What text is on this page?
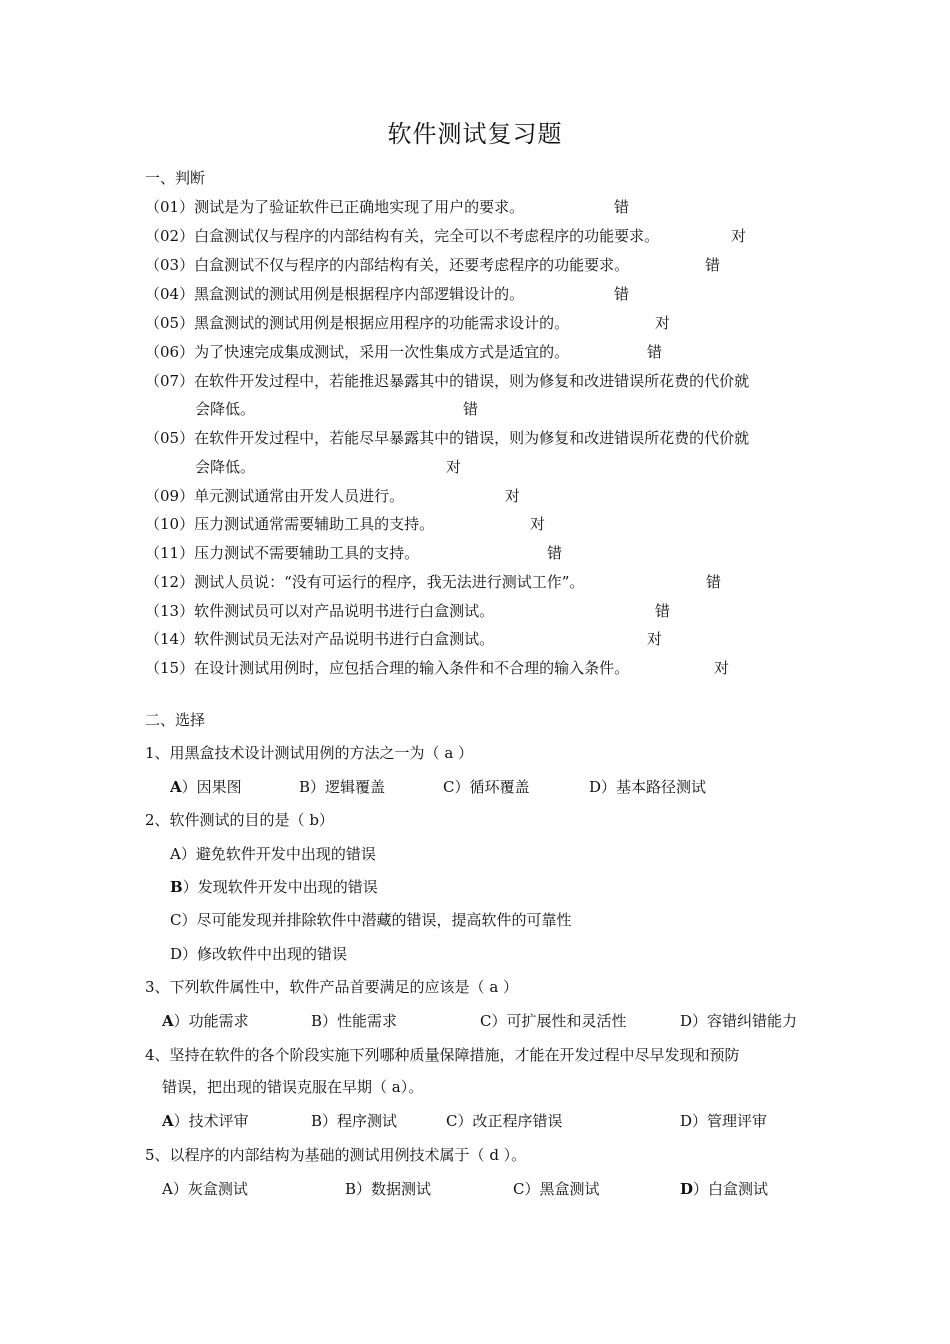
软件测试复习题
一、判断
（01）测试是为了验证软件已正确地实现了用户的要求。	错
（02）白盒测试仅与程序的内部结构有关，完全可以不考虑程序的功能要求。	对
（03）白盒测试不仅与程序的内部结构有关，还要考虑程序的功能要求。	错
（04）黑盒测试的测试用例是根据程序内部逻辑设计的。	错
（05）黑盒测试的测试用例是根据应用程序的功能需求设计的。	对
（06）为了快速完成集成测试，采用一次性集成方式是适宜的。	错
（07）在软件开发过程中，若能推迟暴露其中的错误，则为修复和改进错误所花费的代价就
会降低。	错
（05）在软件开发过程中，若能尽早暴露其中的错误，则为修复和改进错误所花费的代价就
会降低。	对
（09）单元测试通常由开发人员进行。	对
（10）压力测试通常需要辅助工具的支持。	对
（11）压力测试不需要辅助工具的支持。	错
（12）测试人员说：“没有可运行的程序，我无法进行测试工作”。	错
（13）软件测试员可以对产品说明书进行白盒测试。	错
（14）软件测试员无法对产品说明书进行白盒测试。	对
（15）在设计测试用例时，应包括合理的输入条件和不合理的输入条件。	对
二、选择
1、用黑盒技术设计测试用例的方法之一为（ a ）
A）因果图	B）逻辑覆盖	C）循环覆盖	D）基本路径测试
2、软件测试的目的是（ b）
A）避免软件开发中出现的错误
B）发现软件开发中出现的错误
C）尽可能发现并排除软件中潜藏的错误，提高软件的可靠性
D）修改软件中出现的错误
3、下列软件属性中，软件产品首要满足的应该是（ a ）
A）功能需求	B）性能需求	C）可扩展性和灵活性	D）容错纠错能力
4、坚持在软件的各个阶段实施下列哪种质量保障措施，才能在开发过程中尽早发现和预防
错误，把出现的错误克服在早期（ a）。
A）技术评审	B）程序测试	C）改正程序错误	D）管理评审
5、以程序的内部结构为基础的测试用例技术属于（ d ）。
A）灰盒测试	B）数据测试	C）黑盒测试	D）白盒测试
